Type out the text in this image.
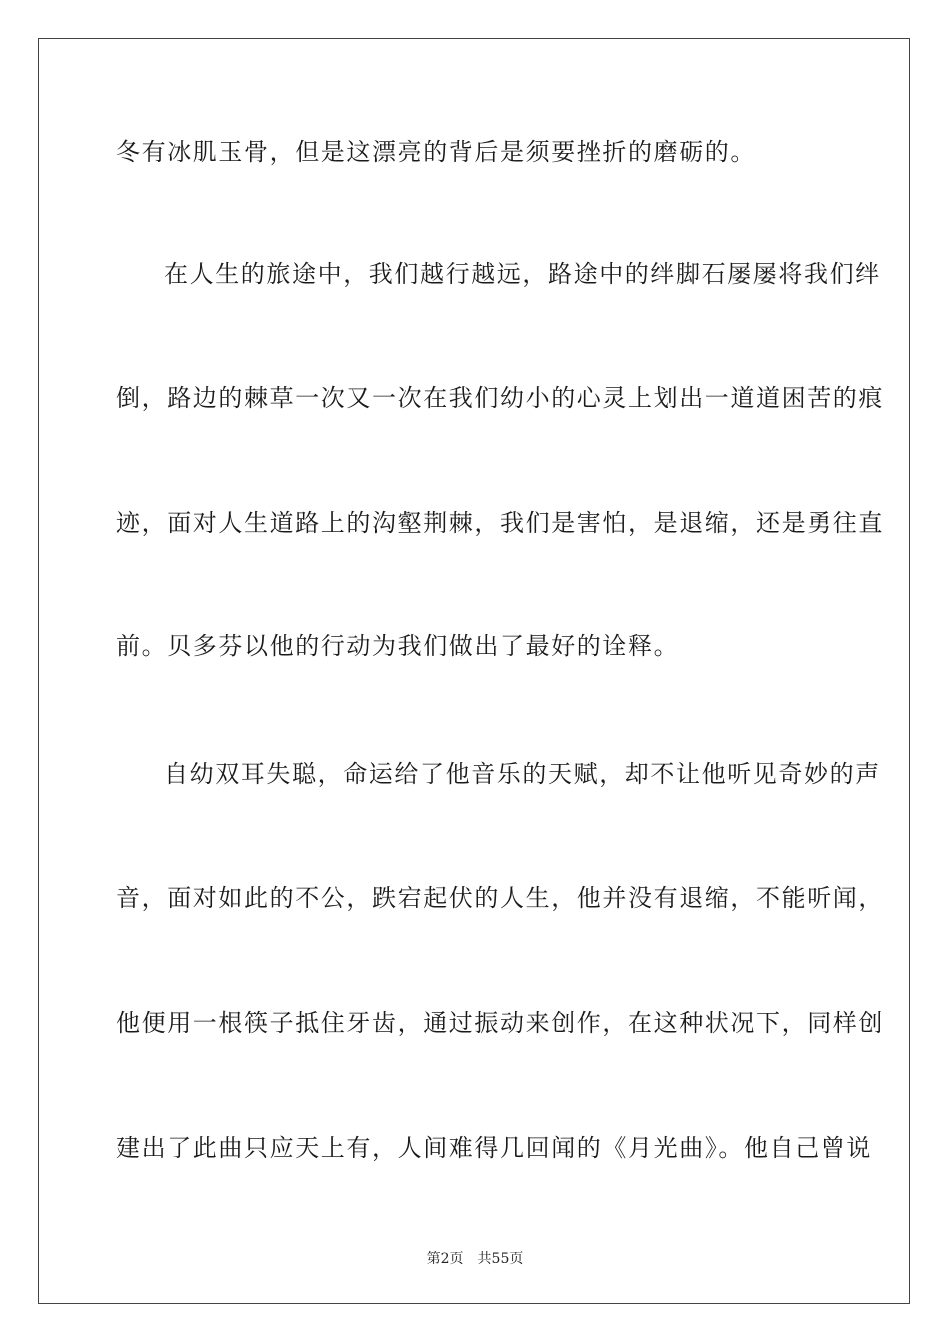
冬有冰肌玉骨，但是这漂亮的背后是须要挫折的磨砺的。
在人生的旅途中，我们越行越远，路途中的绊脚石屡屡将我们绊
倒，路边的棘草一次又一次在我们幼小的心灵上划出一道道困苦的痕
迹，面对人生道路上的沟壑荆棘，我们是害怕，是退缩，还是勇往直
前。贝多芬以他的行动为我们做出了最好的诠释。
自幼双耳失聪，命运给了他音乐的天赋，却不让他听见奇妙的声
音，面对如此的不公，跌宕起伏的人生，他并没有退缩，不能听闻，
他便用一根筷子抵住牙齿，通过振动来创作，在这种状况下，同样创
建出了此曲只应天上有，人间难得几回闻的《月光曲》。他自己曾说
第2页 共55页
